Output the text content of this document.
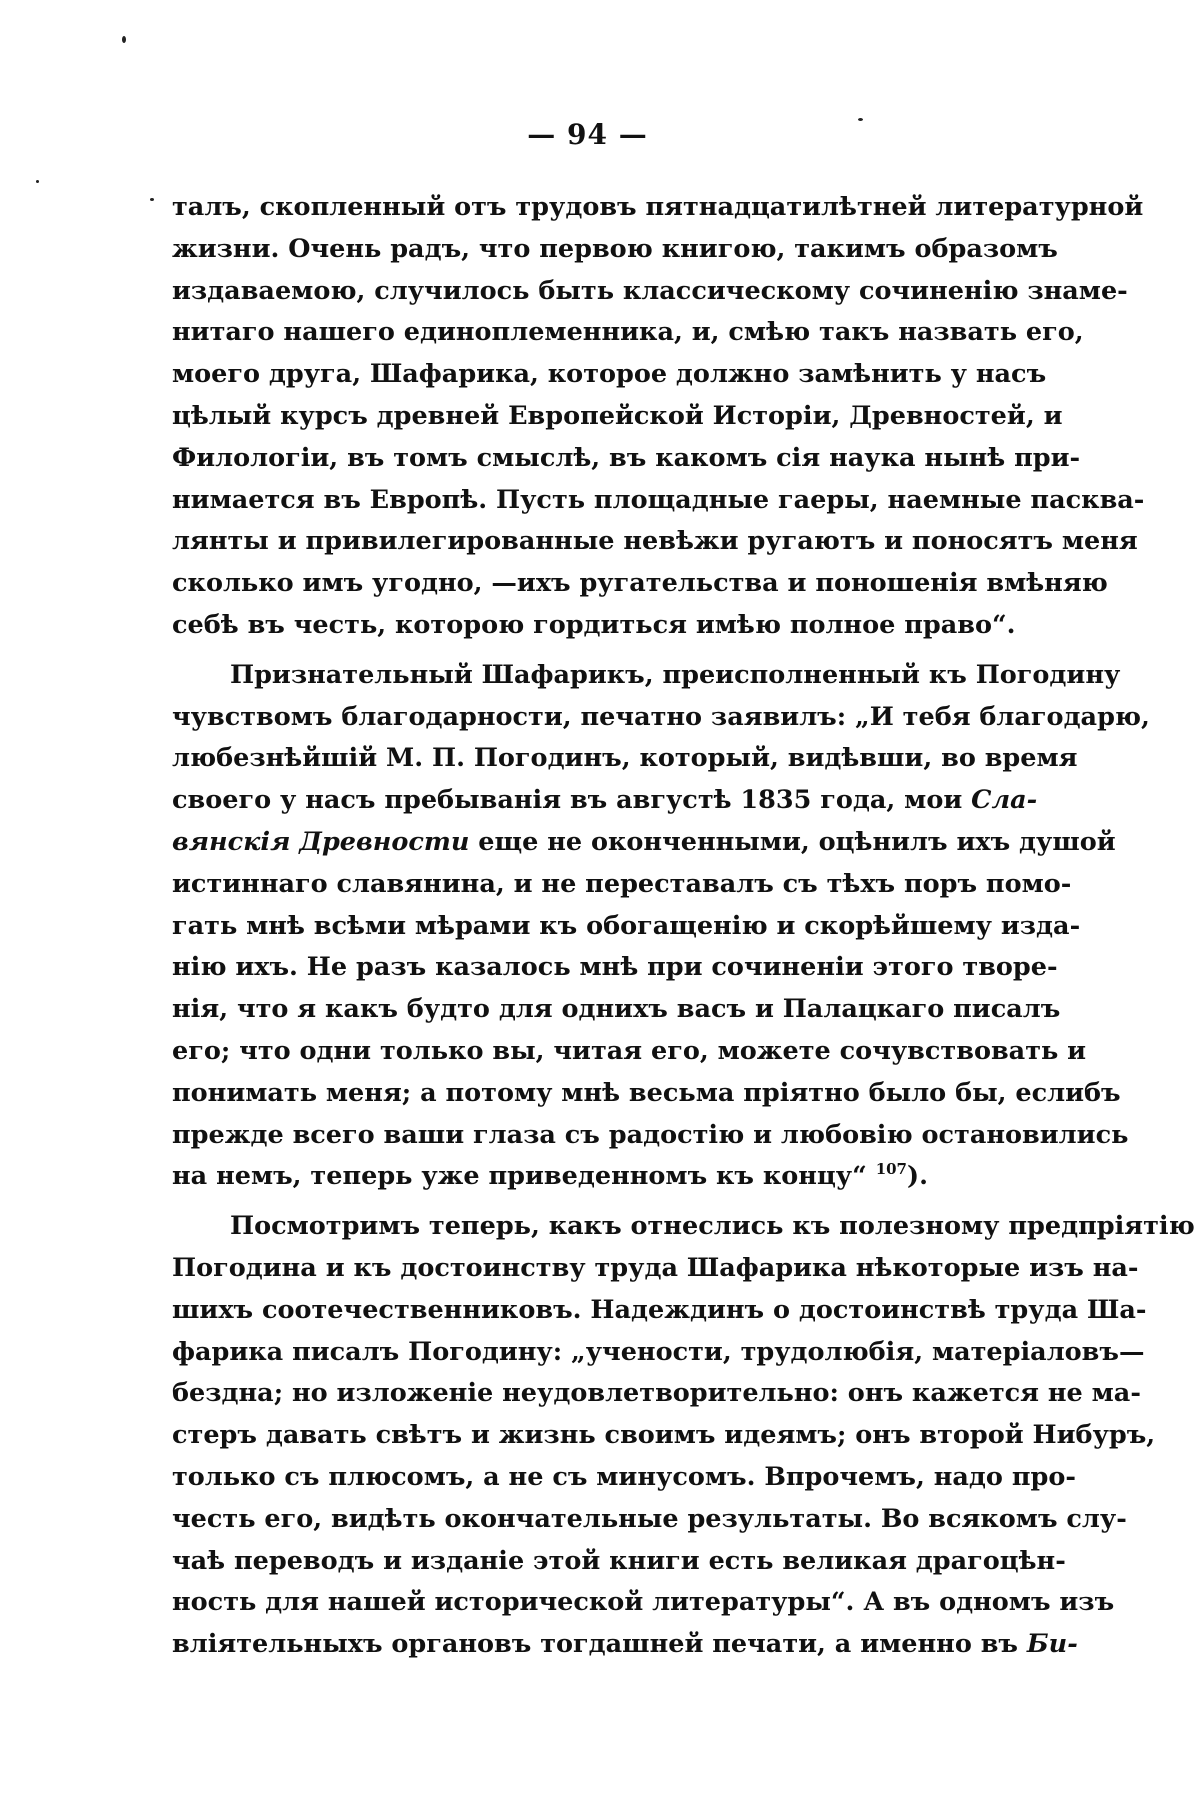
— 94 —
талъ, скопленный отъ трудовъ пятнадцатилѣтней литературной
жизни. Очень радъ, что первою книгою, такимъ образомъ
издаваемою, случилось быть классическому сочиненію знаме-
нитаго нашего единоплеменника, и, смѣю такъ назвать его,
моего друга, Шафарика, которое должно замѣнить у насъ
цѣлый курсъ древней Европейской Исторіи, Древностей, и
Филологіи, въ томъ смыслѣ, въ какомъ сія наука нынѣ при-
нимается въ Европѣ. Пусть площадные гаеры, наемные пасква-
лянты и привилегированные невѣжи ругаютъ и поносятъ меня
сколько имъ угодно, —ихъ ругательства и поношенія вмѣняю
себѣ въ честь, которою гордиться имѣю полное право“.
Признательный Шафарикъ, преисполненный къ Погодину
чувствомъ благодарности, печатно заявилъ: „И тебя благодарю,
любезнѣйшій М. П. Погодинъ, который, видѣвши, во время
своего у насъ пребыванія въ августѣ 1835 года, мои Сла-
вянскія Древности еще не оконченными, оцѣнилъ ихъ душой
истиннаго славянина, и не переставалъ съ тѣхъ поръ помо-
гать мнѣ всѣми мѣрами къ обогащенію и скорѣйшему изда-
нію ихъ. Не разъ казалось мнѣ при сочиненіи этого творе-
нія, что я какъ будто для однихъ васъ и Палацкаго писалъ
его; что одни только вы, читая его, можете сочувствовать и
понимать меня; а потому мнѣ весьма пріятно было бы, еслибъ
прежде всего ваши глаза съ радостію и любовію остановились
на немъ, теперь уже приведенномъ къ концу“ $^{107}$).
Посмотримъ теперь, какъ отнеслись къ полезному предпріятію
Погодина и къ достоинству труда Шафарика нѣкоторые изъ на-
шихъ соотечественниковъ. Надеждинъ о достоинствѣ труда Ша-
фарика писалъ Погодину: „учености, трудолюбія, матеріаловъ—
бездна; но изложеніе неудовлетворительно: онъ кажется не ма-
стеръ давать свѣтъ и жизнь своимъ идеямъ; онъ второй Нибуръ,
только съ плюсомъ, а не съ минусомъ. Впрочемъ, надо про-
честь его, видѣть окончательные результаты. Во всякомъ слу-
чаѣ переводъ и изданіе этой книги есть великая драгоцѣн-
ность для нашей исторической литературы“. А въ одномъ изъ
вліятельныхъ органовъ тогдашней печати, а именно въ Би-
